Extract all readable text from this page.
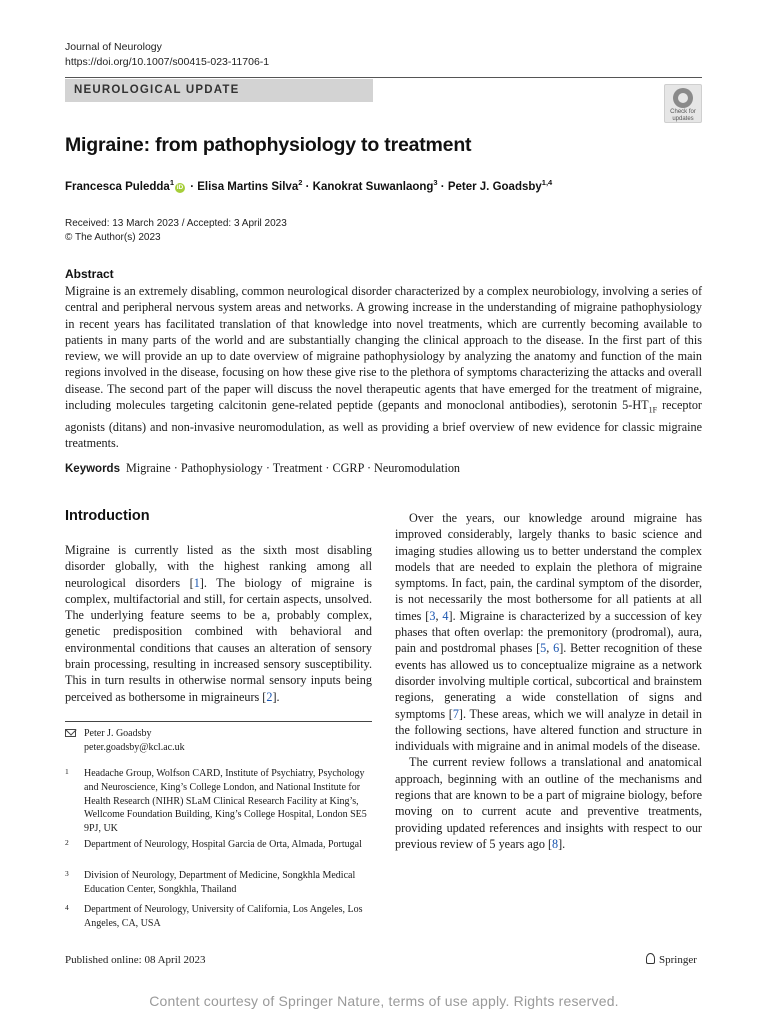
Journal of Neurology
https://doi.org/10.1007/s00415-023-11706-1
NEUROLOGICAL UPDATE
Check for
updates
Migraine: from pathophysiology to treatment
Francesca Puledda$^1$iD · Elisa Martins Silva$^2$ · Kanokrat Suwanlaong$^3$ · Peter J. Goadsby$^{1,4}$
Received: 13 March 2023 / Accepted: 3 April 2023
© The Author(s) 2023
Abstract
Migraine is an extremely disabling, common neurological disorder characterized by a complex neurobiology, involving a series of central and peripheral nervous system areas and networks. A growing increase in the understanding of migraine pathophysiology in recent years has facilitated translation of that knowledge into novel treatments, which are currently becoming available to patients in many parts of the world and are substantially changing the clinical approach to the disease. In the first part of this review, we will provide an up to date overview of migraine pathophysiology by analyzing the anatomy and function of the main regions involved in the disease, focusing on how these give rise to the plethora of symptoms characterizing the attacks and overall disease. The second part of the paper will discuss the novel therapeutic agents that have emerged for the treatment of migraine, including molecules targeting calcitonin gene-related peptide (gepants and monoclonal antibodies), serotonin $5-HT_{1F}$ receptor agonists (ditans) and non-invasive neuromodulation, as well as providing a brief overview of new evidence for classic migraine treatments.
Keywords Migraine · Pathophysiology · Treatment · CGRP · Neuromodulation
Introduction

Migraine is currently listed as the sixth most disabling disorder globally, with the highest ranking among all neurological disorders [1]. The biology of migraine is complex, multifactorial and still, for certain aspects, unsolved. The underlying feature seems to be a, probably complex, genetic predisposition combined with behavioral and environmental conditions that causes an alteration of sensory brain processing, resulting in increased sensory susceptibility. This in turn results in otherwise normal sensory inputs being perceived as bothersome in migraineurs [2].

Over the years, our knowledge around migraine has improved considerably, largely thanks to basic science and imaging studies allowing us to better understand the complex models that are needed to explain the plethora of migraine symptoms. In fact, pain, the cardinal symptom of the disorder, is not necessarily the most bothersome for all patients at all times [3, 4]. Migraine is characterized by a succession of key phases that often overlap: the premonitory (prodromal), aura, pain and postdromal phases [5, 6]. Better recognition of these events has allowed us to conceptualize migraine as a network disorder involving multiple cortical, subcortical and brainstem regions, generating a wide constellation of signs and symptoms [7]. These areas, which we will analyze in detail in the following sections, have altered function and structure in individuals with migraine and in animal models of the disease.

The current review follows a translational and anatomical approach, beginning with an outline of the mechanisms and regions that are known to be a part of migraine biology, before moving on to current acute and preventive treatments, providing updated references and insights with respect to our previous review of 5 years ago [8].

Peter J. Goadsby
peter.goadsby@kcl.ac.uk
1 Headache Group, Wolfson CARD, Institute of Psychiatry, Psychology and Neuroscience, King’s College London, and National Institute for Health Research (NIHR) SLaM Clinical Research Facility at King’s, Wellcome Foundation Building, King’s College Hospital, London SE5 9PJ, UK
2 Department of Neurology, Hospital Garcia de Orta, Almada, Portugal
3 Division of Neurology, Department of Medicine, Songkhla Medical Education Center, Songkhla, Thailand
4 Department of Neurology, University of California, Los Angeles, Los Angeles, CA, USA
Published online: 08 April 2023	Springer
Content courtesy of Springer Nature, terms of use apply. Rights reserved.
